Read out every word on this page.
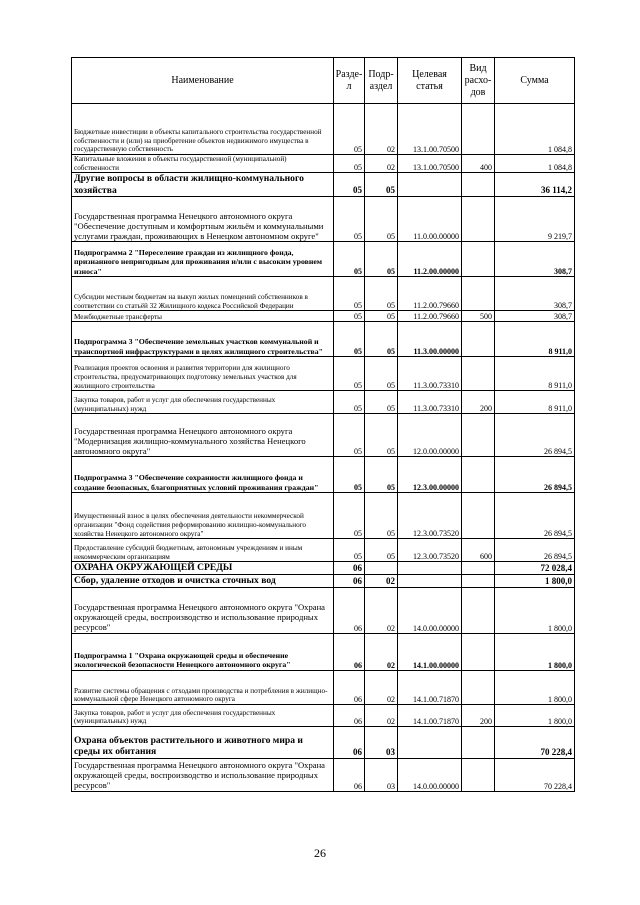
Наименование	Раздел	Подраздел	Целевая статья	Вид расходов	Сумма
Бюджетные инвестиции в объекты капитального строительства государственной собственности и (или) на приобретение объектов недвижимого имущества в государственную собственность	05	02	13.1.00.70500		1 084,8
Капитальные вложения в объекты государственной (муниципальной) собственности	05	02	13.1.00.70500	400	1 084,8
Другие вопросы в области жилищно-коммунального хозяйства	05	05			36 114,2
Государственная программа Ненецкого автономного округа "Обеспечение доступным и комфортным жильём и коммунальными услугами граждан, проживающих в Ненецком автономном округе"	05	05	11.0.00.00000		9 219,7
Подпрограмма 2 "Переселение граждан из жилищного фонда, признанного непригодным для проживания и/или с высоким уровнем износа"	05	05	11.2.00.00000		308,7
Субсидии местным бюджетам на выкуп жилых помещений собственников в соответствии со статьёй 32 Жилищного кодекса Российской Федерации	05	05	11.2.00.79660		308,7
Межбюджетные трансферты	05	05	11.2.00.79660	500	308,7
Подпрограмма 3 "Обеспечение земельных участков коммунальной и транспортной инфраструктурами в целях жилищного строительства"	05	05	11.3.00.00000		8 911,0
Реализация проектов освоения и развития территории для жилищного строительства, предусматривающих подготовку земельных участков для жилищного строительства	05	05	11.3.00.73310		8 911,0
Закупка товаров, работ и услуг для обеспечения государственных (муниципальных) нужд	05	05	11.3.00.73310	200	8 911,0
Государственная программа Ненецкого автономного округа "Модернизация жилищно-коммунального хозяйства Ненецкого автономного округа"	05	05	12.0.00.00000		26 894,5
Подпрограмма 3 "Обеспечение сохранности жилищного фонда и создание безопасных, благоприятных условий проживания граждан"	05	05	12.3.00.00000		26 894,5
Имущественный взнос в целях обеспечения деятельности некоммерческой организации "Фонд содействия реформированию жилищно-коммунального хозяйства Ненецкого автономного округа"	05	05	12.3.00.73520		26 894,5
Предоставление субсидий бюджетным, автономным учреждениям и иным некоммерческим организациям	05	05	12.3.00.73520	600	26 894,5
ОХРАНА ОКРУЖАЮЩЕЙ СРЕДЫ	06				72 028,4
Сбор, удаление отходов и очистка сточных вод	06	02			1 800,0
Государственная программа Ненецкого автономного округа "Охрана окружающей среды, воспроизводство и использование природных ресурсов"	06	02	14.0.00.00000		1 800,0
Подпрограмма 1 "Охрана окружающей среды и обеспечение экологической безопасности Ненецкого автономного округа"	06	02	14.1.00.00000		1 800,0
Развитие системы обращения с отходами производства и потребления в жилищно-коммунальной сфере Ненецкого автономного округа	06	02	14.1.00.71870		1 800,0
Закупка товаров, работ и услуг для обеспечения государственных (муниципальных) нужд	06	02	14.1.00.71870	200	1 800,0
Охрана объектов растительного и животного мира и среды их обитания	06	03			70 228,4
Государственная программа Ненецкого автономного округа "Охрана окружающей среды, воспроизводство и использование природных ресурсов"	06	03	14.0.00.00000		70 228,4
26
